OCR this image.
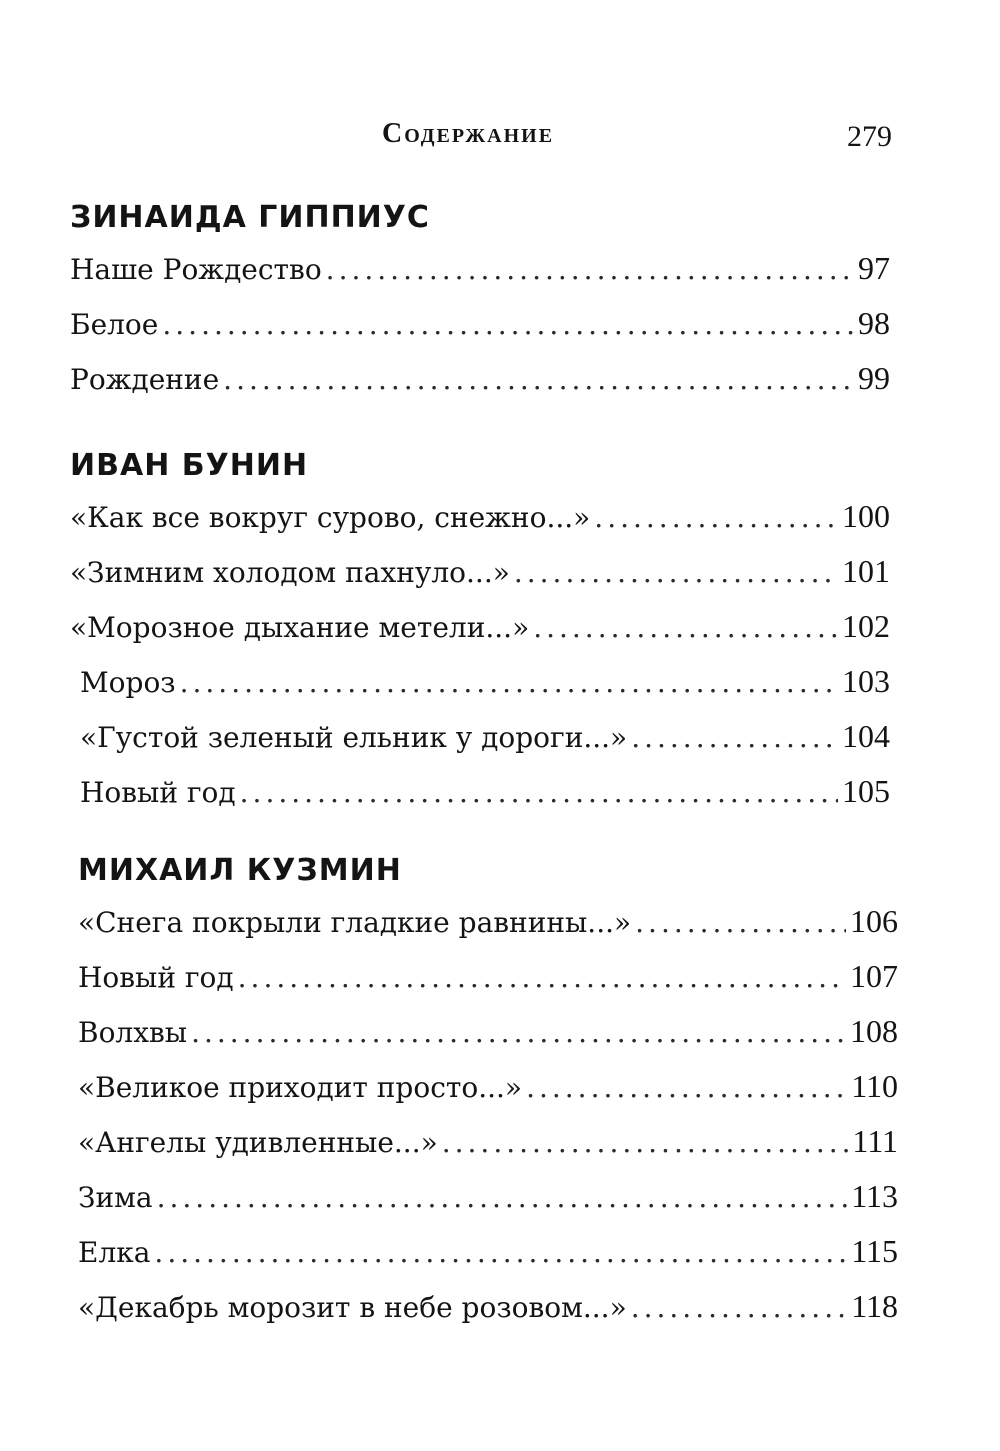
Содержание	279
ЗИНАИДА ГИППИУС
Наше Рождество .....	97
Белое .....	98
Рождение .....	99
ИВАН БУНИН
«Как все вокруг сурово, снежно...» .....	100
«Зимним холодом пахнуло...» .....	101
«Морозное дыхание метели...» .....	102
Мороз .....	103
«Густой зеленый ельник у дороги...» .....	104
Новый год .....	105
МИХАИЛ КУЗМИН
«Снега покрыли гладкие равнины...» .....	106
Новый год .....	107
Волхвы .....	108
«Великое приходит просто...» .....	110
«Ангелы удивленные...» .....	111
Зима .....	113
Елка .....	115
«Декабрь морозит в небе розовом...» .....	118
